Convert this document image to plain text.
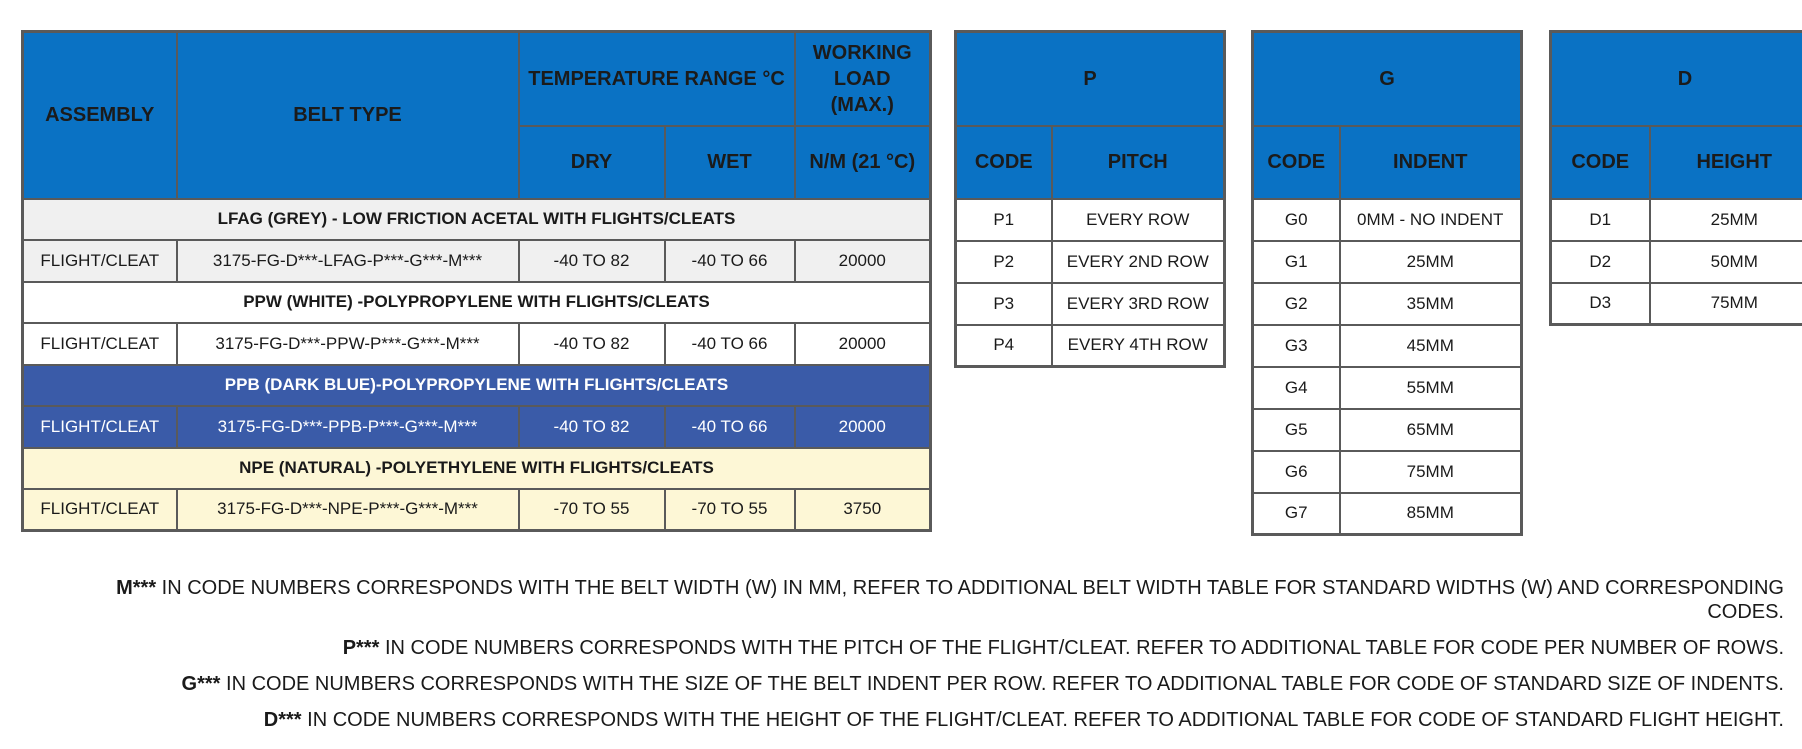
ASSEMBLY	BELT TYPE	TEMPERATURE RANGE °C		WORKING LOAD (MAX.)
		DRY	WET	N/M (21 °C)
LFAG (GREY) - LOW FRICTION ACETAL WITH FLIGHTS/CLEATS				
FLIGHT/CLEAT	3175-FG-D***-LFAG-P***-G***-M***	-40 TO 82	-40 TO 66	20000
PPW (WHITE) -POLYPROPYLENE WITH FLIGHTS/CLEATS				
FLIGHT/CLEAT	3175-FG-D***-PPW-P***-G***-M***	-40 TO 82	-40 TO 66	20000
PPB (DARK BLUE)-POLYPROPYLENE WITH FLIGHTS/CLEATS				
FLIGHT/CLEAT	3175-FG-D***-PPB-P***-G***-M***	-40 TO 82	-40 TO 66	20000
NPE (NATURAL) -POLYETHYLENE WITH FLIGHTS/CLEATS				
FLIGHT/CLEAT	3175-FG-D***-NPE-P***-G***-M***	-70 TO 55	-70 TO 55	3750
P	
CODE	PITCH
P1	EVERY ROW
P2	EVERY 2ND ROW
P3	EVERY 3RD ROW
P4	EVERY 4TH ROW
G	
CODE	INDENT
G0	0MM - NO INDENT
G1	25MM
G2	35MM
G3	45MM
G4	55MM
G5	65MM
G6	75MM
G7	85MM
D	
CODE	HEIGHT
D1	25MM
D2	50MM
D3	75MM

M*** IN CODE NUMBERS CORRESPONDS WITH THE BELT WIDTH (W) IN MM, REFER TO ADDITIONAL BELT WIDTH TABLE FOR STANDARD WIDTHS (W) AND CORRESPONDING CODES.

P*** IN CODE NUMBERS CORRESPONDS WITH THE PITCH OF THE FLIGHT/CLEAT. REFER TO ADDITIONAL TABLE FOR CODE PER NUMBER OF ROWS.

G*** IN CODE NUMBERS CORRESPONDS WITH THE SIZE OF THE BELT INDENT PER ROW. REFER TO ADDITIONAL TABLE FOR CODE OF STANDARD SIZE OF INDENTS.

D*** IN CODE NUMBERS CORRESPONDS WITH THE HEIGHT OF THE FLIGHT/CLEAT. REFER TO ADDITIONAL TABLE FOR CODE OF STANDARD FLIGHT HEIGHT.
